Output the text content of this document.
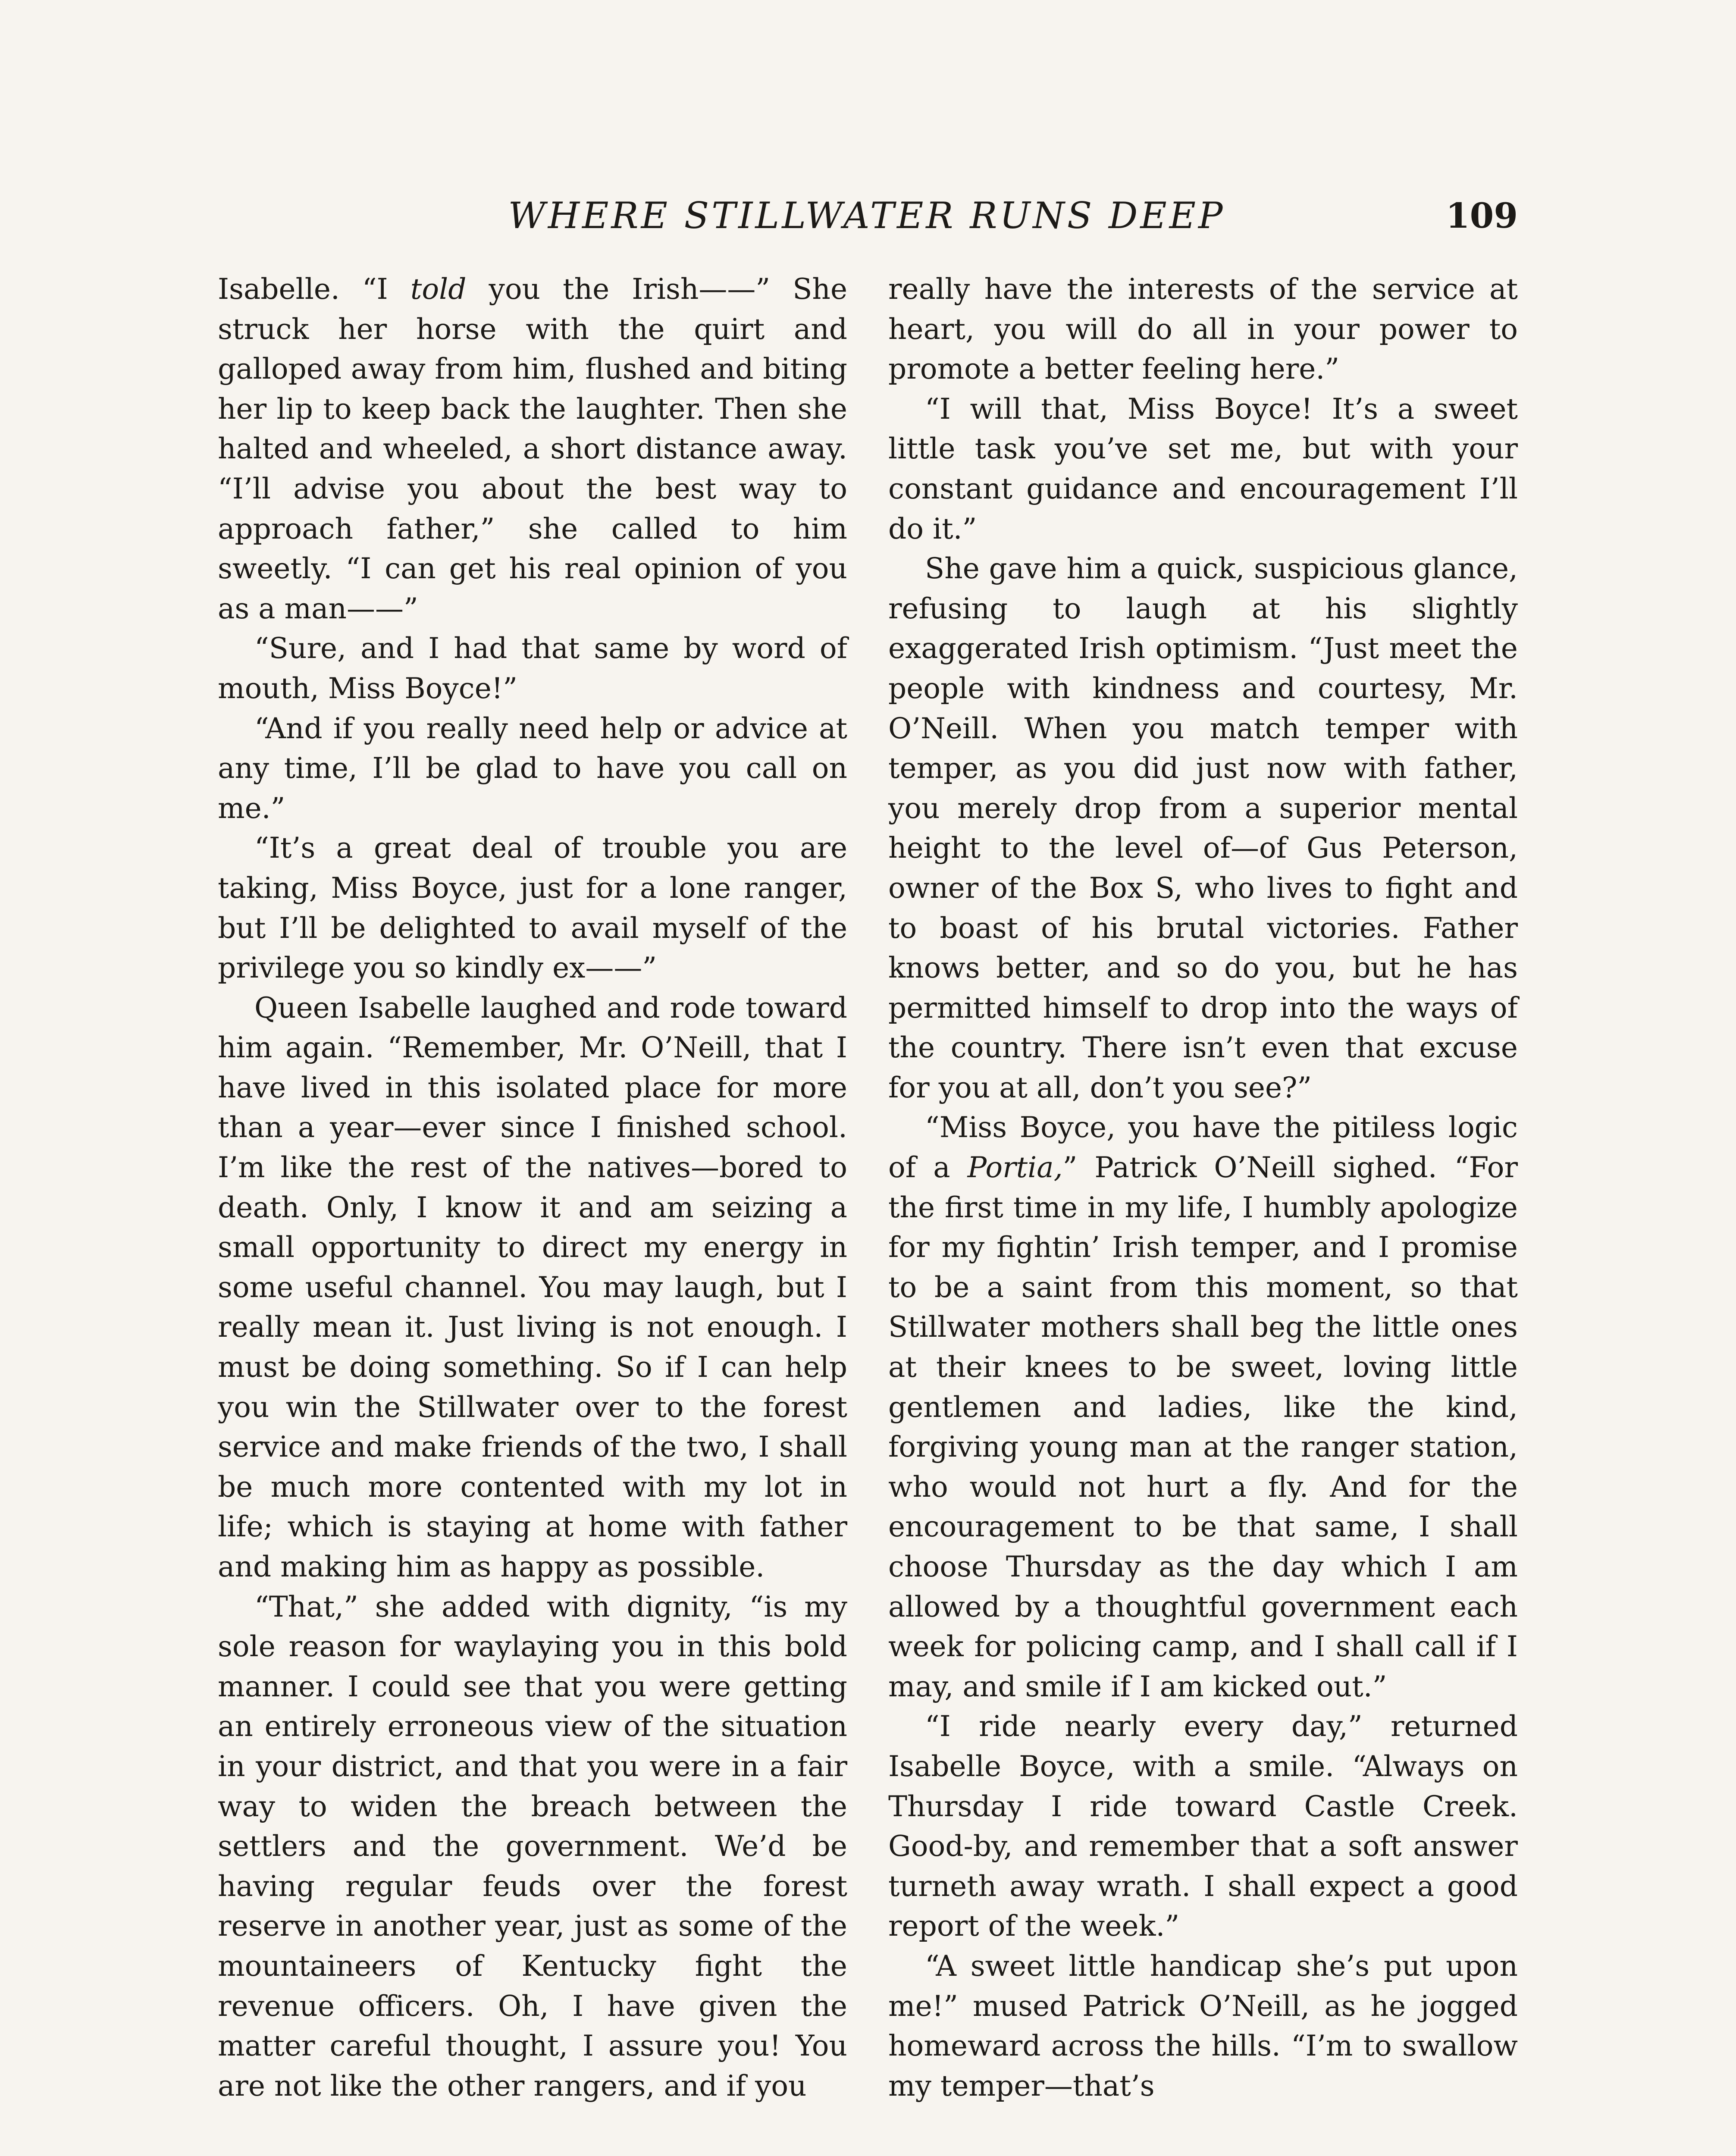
WHERE STILLWATER RUNS DEEP	109

Isabelle. “I told you the Irish——” She struck her horse with the quirt and galloped away from him, flushed and biting her lip to keep back the laughter. Then she halted and wheeled, a short distance away. “I’ll advise you about the best way to approach father,” she called to him sweetly. “I can get his real opinion of you as a man——”

“Sure, and I had that same by word of mouth, Miss Boyce!”

“And if you really need help or advice at any time, I’ll be glad to have you call on me.”

“It’s a great deal of trouble you are taking, Miss Boyce, just for a lone ranger, but I’ll be delighted to avail myself of the privilege you so kindly ex——”

Queen Isabelle laughed and rode toward him again. “Remember, Mr. O’Neill, that I have lived in this isolated place for more than a year—ever since I finished school. I’m like the rest of the natives—bored to death. Only, I know it and am seizing a small opportunity to direct my energy in some useful channel. You may laugh, but I really mean it. Just living is not enough. I must be doing something. So if I can help you win the Stillwater over to the forest service and make friends of the two, I shall be much more contented with my lot in life; which is staying at home with father and making him as happy as possible.

“That,” she added with dignity, “is my sole reason for waylaying you in this bold manner. I could see that you were getting an entirely erroneous view of the situation in your district, and that you were in a fair way to widen the breach between the settlers and the government. We’d be having regular feuds over the forest reserve in another year, just as some of the mountaineers of Kentucky fight the revenue officers. Oh, I have given the matter careful thought, I assure you! You are not like the other rangers, and if you

really have the interests of the service at heart, you will do all in your power to promote a better feeling here.”

“I will that, Miss Boyce! It’s a sweet little task you’ve set me, but with your constant guidance and encouragement I’ll do it.”

She gave him a quick, suspicious glance, refusing to laugh at his slightly exaggerated Irish optimism. “Just meet the people with kindness and courtesy, Mr. O’Neill. When you match temper with temper, as you did just now with father, you merely drop from a superior mental height to the level of—of Gus Peterson, owner of the Box S, who lives to fight and to boast of his brutal victories. Father knows better, and so do you, but he has permitted himself to drop into the ways of the country. There isn’t even that excuse for you at all, don’t you see?”

“Miss Boyce, you have the pitiless logic of a Portia,” Patrick O’Neill sighed. “For the first time in my life, I humbly apologize for my fightin’ Irish temper, and I promise to be a saint from this moment, so that Stillwater mothers shall beg the little ones at their knees to be sweet, loving little gentlemen and ladies, like the kind, forgiving young man at the ranger station, who would not hurt a fly. And for the encouragement to be that same, I shall choose Thursday as the day which I am allowed by a thoughtful government each week for policing camp, and I shall call if I may, and smile if I am kicked out.”

“I ride nearly every day,” returned Isabelle Boyce, with a smile. “Always on Thursday I ride toward Castle Creek. Good-by, and remember that a soft answer turneth away wrath. I shall expect a good report of the week.”

“A sweet little handicap she’s put upon me!” mused Patrick O’Neill, as he jogged homeward across the hills. “I’m to swallow my temper—that’s
